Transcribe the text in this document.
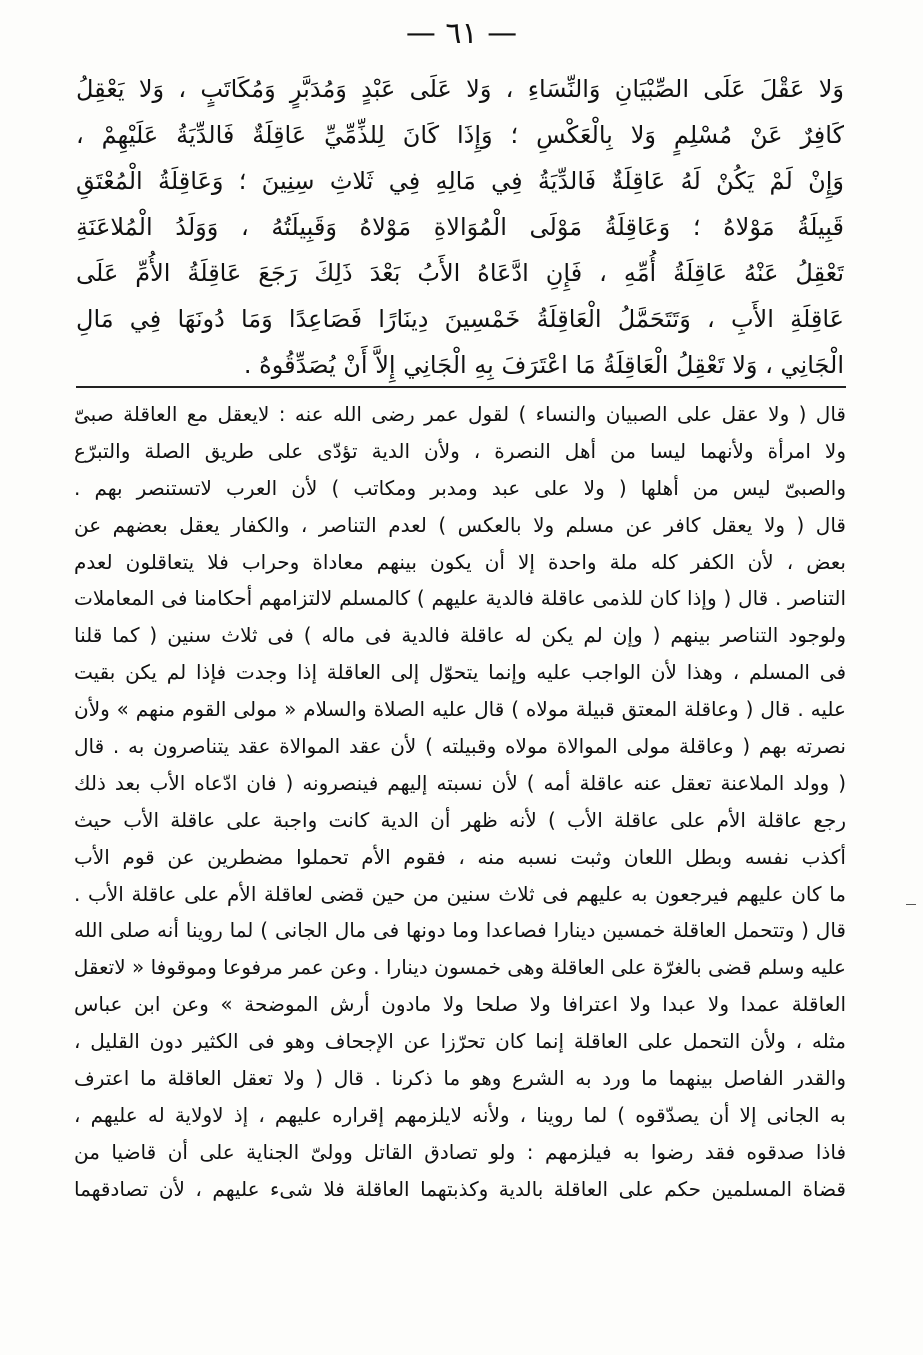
— ٦١ —
وَلا عَقْلَ عَلَى الصِّبْيَانِ وَالنِّسَاءِ ، وَلا عَلَى عَبْدٍ وَمُدَبَّرٍ وَمُكَاتَبٍ ، وَلا يَعْقِلُ
كَافِرٌ عَنْ مُسْلِمٍ وَلا بِالْعَكْسِ ؛ وَإِذَا كَانَ لِلذِّمِّيِّ عَاقِلَةٌ فَالدِّيَةُ عَلَيْهِمْ ،
وَإِنْ لَمْ يَكُنْ لَهُ عَاقِلَةٌ فَالدِّيَةُ فِي مَالِهِ فِي ثَلاثِ سِنِينَ ؛ وَعَاقِلَةُ الْمُعْتَقِ
قَبِيلَةُ مَوْلاهُ ؛ وَعَاقِلَةُ مَوْلَى الْمُوَالاةِ مَوْلاهُ وَقَبِيلَتُهُ ، وَوَلَدُ الْمُلاعَنَةِ
تَعْقِلُ عَنْهُ عَاقِلَةُ أُمِّهِ ، فَإِنِ ادَّعَاهُ الأَبُ بَعْدَ ذَلِكَ رَجَعَ عَاقِلَةُ الأُمِّ عَلَى
عَاقِلَةِ الأَبِ ، وَتَتَحَمَّلُ الْعَاقِلَةُ خَمْسِينَ دِينَارًا فَصَاعِدًا وَمَا دُونَهَا فِي مَالِ
الْجَانِي ، وَلا تَعْقِلُ الْعَاقِلَةُ مَا اعْتَرَفَ بِهِ الْجَانِي إِلاَّ أَنْ يُصَدِّقُوهُ .
قال ( ولا عقل على الصبيان والنساء ) لقول عمر رضى الله عنه : لايعقل مع العاقلة صبىّ
ولا امرأة ولأنهما ليسا من أهل النصرة ، ولأن الدية تؤدّى على طريق الصلة والتبرّع
والصبىّ ليس من أهلها ( ولا على عبد ومدبر ومكاتب ) لأن العرب لاتستنصر بهم .
قال ( ولا يعقل كافر عن مسلم ولا بالعكس ) لعدم التناصر ، والكفار يعقل بعضهم عن
بعض ، لأن الكفر كله ملة واحدة إلا أن يكون بينهم معاداة وحراب فلا يتعاقلون لعدم
التناصر . قال ( وإذا كان للذمى عاقلة فالدية عليهم ) كالمسلم لالتزامهم أحكامنا فى المعاملات
ولوجود التناصر بينهم ( وإن لم يكن له عاقلة فالدية فى ماله ) فى ثلاث سنين ( كما قلنا
فى المسلم ، وهذا لأن الواجب عليه وإنما يتحوّل إلى العاقلة إذا وجدت فإذا لم يكن بقيت
عليه . قال ( وعاقلة المعتق قبيلة مولاه ) قال عليه الصلاة والسلام « مولى القوم منهم » ولأن
نصرته بهم ( وعاقلة مولى الموالاة مولاه وقبيلته ) لأن عقد الموالاة عقد يتناصرون به . قال
( وولد الملاعنة تعقل عنه عاقلة أمه ) لأن نسبته إليهم فينصرونه ( فان ادّعاه الأب بعد ذلك
رجع عاقلة الأم على عاقلة الأب ) لأنه ظهر أن الدية كانت واجبة على عاقلة الأب حيث
أكذب نفسه وبطل اللعان وثبت نسبه منه ، فقوم الأم تحملوا مضطرين عن قوم الأب
ما كان عليهم فيرجعون به عليهم فى ثلاث سنين من حين قضى لعاقلة الأم على عاقلة الأب .
قال ( وتتحمل العاقلة خمسين دينارا فصاعدا وما دونها فى مال الجانى ) لما روينا أنه صلى الله
عليه وسلم قضى بالغرّة على العاقلة وهى خمسون دينارا . وعن عمر مرفوعا وموقوفا « لاتعقل
العاقلة عمدا ولا عبدا ولا اعترافا ولا صلحا ولا مادون أرش الموضحة » وعن ابن عباس
مثله ، ولأن التحمل على العاقلة إنما كان تحرّزا عن الإجحاف وهو فى الكثير دون القليل ،
والقدر الفاصل بينهما ما ورد به الشرع وهو ما ذكرنا . قال ( ولا تعقل العاقلة ما اعترف
به الجانى إلا أن يصدّقوه ) لما روينا ، ولأنه لايلزمهم إقراره عليهم ، إذ لاولاية له عليهم ،
فاذا صدقوه فقد رضوا به فيلزمهم : ولو تصادق القاتل وولىّ الجناية على أن قاضيا من
قضاة المسلمين حكم على العاقلة بالدية وكذبتهما العاقلة فلا شىء عليهم ، لأن تصادقهما
